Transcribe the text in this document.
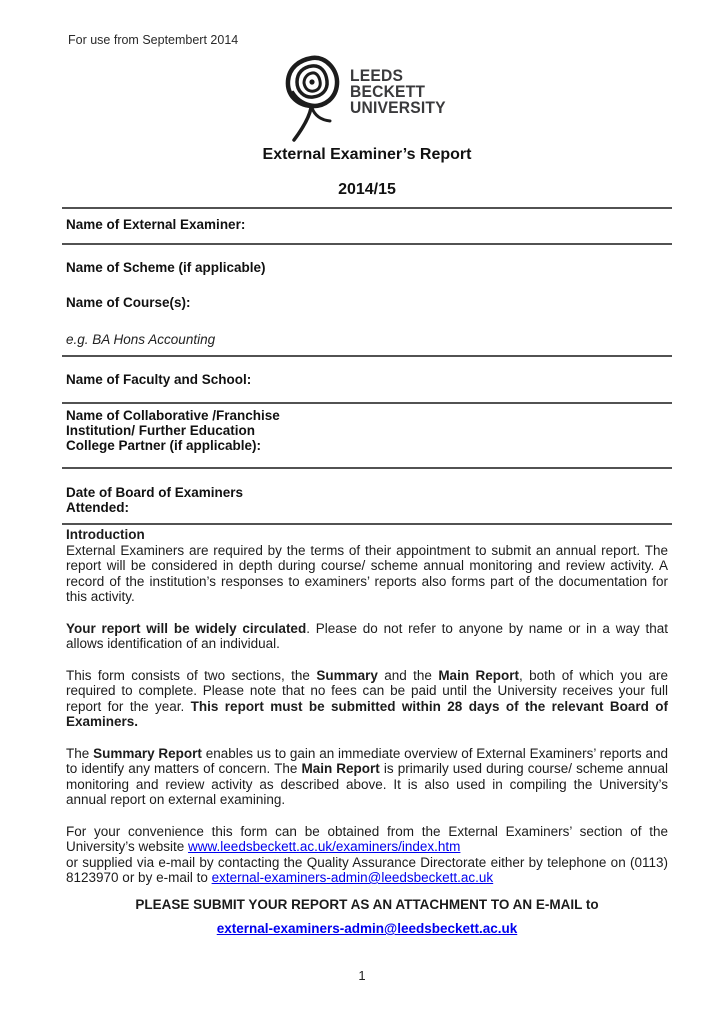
For use from Septembert 2014
LEEDS
BECKETT
UNIVERSITY
External Examiner’s Report
2014/15
Name of External Examiner:
Name of Scheme (if applicable)
Name of Course(s):
e.g. BA Hons Accounting
Name of Faculty and School:
Name of Collaborative /Franchise
Institution/ Further Education
College Partner (if applicable):
Date of Board of Examiners
Attended:
Introduction

External Examiners are required by the terms of their appointment to submit an annual report. The report will be considered in depth during course/ scheme annual monitoring and review activity. A record of the institution’s responses to examiners’ reports also forms part of the documentation for this activity.

Your report will be widely circulated. Please do not refer to anyone by name or in a way that allows identification of an individual.

This form consists of two sections, the Summary and the Main Report, both of which you are required to complete. Please note that no fees can be paid until the University receives your full report for the year. This report must be submitted within 28 days of the relevant Board of Examiners.

The Summary Report enables us to gain an immediate overview of External Examiners’ reports and to identify any matters of concern. The Main Report is primarily used during course/ scheme annual monitoring and review activity as described above. It is also used in compiling the University’s annual report on external examining.

For your convenience this form can be obtained from the External Examiners’ section of the University’s website www.leedsbeckett.ac.uk/examiners/index.htm
or supplied via e-mail by contacting the Quality Assurance Directorate either by telephone on (0113) 8123970 or by e-mail to external-examiners-admin@leedsbeckett.ac.uk

PLEASE SUBMIT YOUR REPORT AS AN ATTACHMENT TO AN E-MAIL to

external-examiners-admin@leedsbeckett.ac.uk
1
